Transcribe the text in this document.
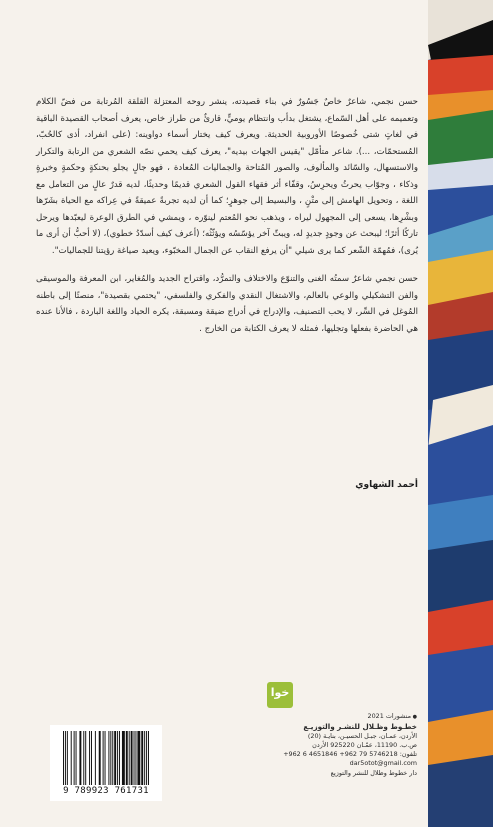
حسن نجمي، شاعرٌ خاصٌ جَسُورٌ في بناء قصيدته، ينشر روحه المعتزلة القلقة المُرتابة من فضّ الكلام وتعميمه على أهل السّماع، يشتغل بدأب وانتظام يوميٍّ، قارئٌ من طراز خاص، يعرف أصحاب القصيدة الباقية في لغاتٍ شتى خُصوصًا الأوروبية الحديثة. ويعرف كيف يختار أسماء دواوينه: (على انفراد، أذى كالحُبّ، المُستحمّات، ...). شاعر متأمّل "يقيس الجهات بيديه"، يعرف كيف يحمي نصّه الشعري من الرتابة والتكرار والاستسهال، والسّائد والمألوف، والصور المُتاحة والجماليات المُعادة ، فهو جالٍ يجلو بحنكةٍ وحكمةٍ وخبرةٍ وذكاء ، وجوّاب يحرثُ ويحرِسُ، وقفّاء أثر فقهاء القول الشعري قديمًا وحديثًا، لديه قدرٌ عالٍ من التعامل مع اللغة ، وتحويل الهامش إلى متْنٍ ، والبسيط إلى جوهرٍ؛ كما أن لديه تجربةً عميقةً في عِراكه مع الحياة بشَرّها وبشْرِها، يسعى إلى المجهول ليراه ، ويذهب نحو المُعتم لينوّره ، ويمشي في الطرق الوعرة ليعبّدها ويرحل تاركًا أثرًا؛ ليبحث عن وجودٍ جديدٍ له، ويبثّ آخر يؤسّسُه ويؤثّثُه؛ (أعرف كيف أسدّدُ خطوي)، (لا أحبُّ أن أرى ما يُرى)، فمُهمّة الشّعر كما يرى شيلي "أن يرفع النقاب عن الجمال المخبّوء، ويعيد صياغة رؤيتنا للجماليات".

حسن نجمي شاعرٌ سمتُه الغنى والتنوّع والاختلاف والتمرُّد، واقتراح الجديد والمُغاير، ابن المعرفة والموسيقى والفن التشكيلي والوعي بالعالم، والاشتغال النقدي والفكري والفلسفي، "يحتمي بقصيدة"، منصتًا إلى باطنه المُوغل في السِّر، لا يحب التصنيف، والإدراج في أدراج ضيقة ومسبقة، يكره الحياد واللغة الباردة ، فالأنا عنده هي الحاضرة بفعلها وتجليها، فمثله لا يعرف الكتابة من الخارج .

أحمد الشهاوي
خوا
● منشورات 2021
خطـوط وظـلال للنشـر والتوزيـع
الأردن، عمـان، جبـل الحسيـن، بنايـة (20)
ص.ب. 11190، عمّـان 925220 الأردن
تلفون: 5746218 79 962+ 4651846 6 962+
dar5otot@gmail.com
دار خطوط وظلال للنشر والتوزيع
9 789923 761731
